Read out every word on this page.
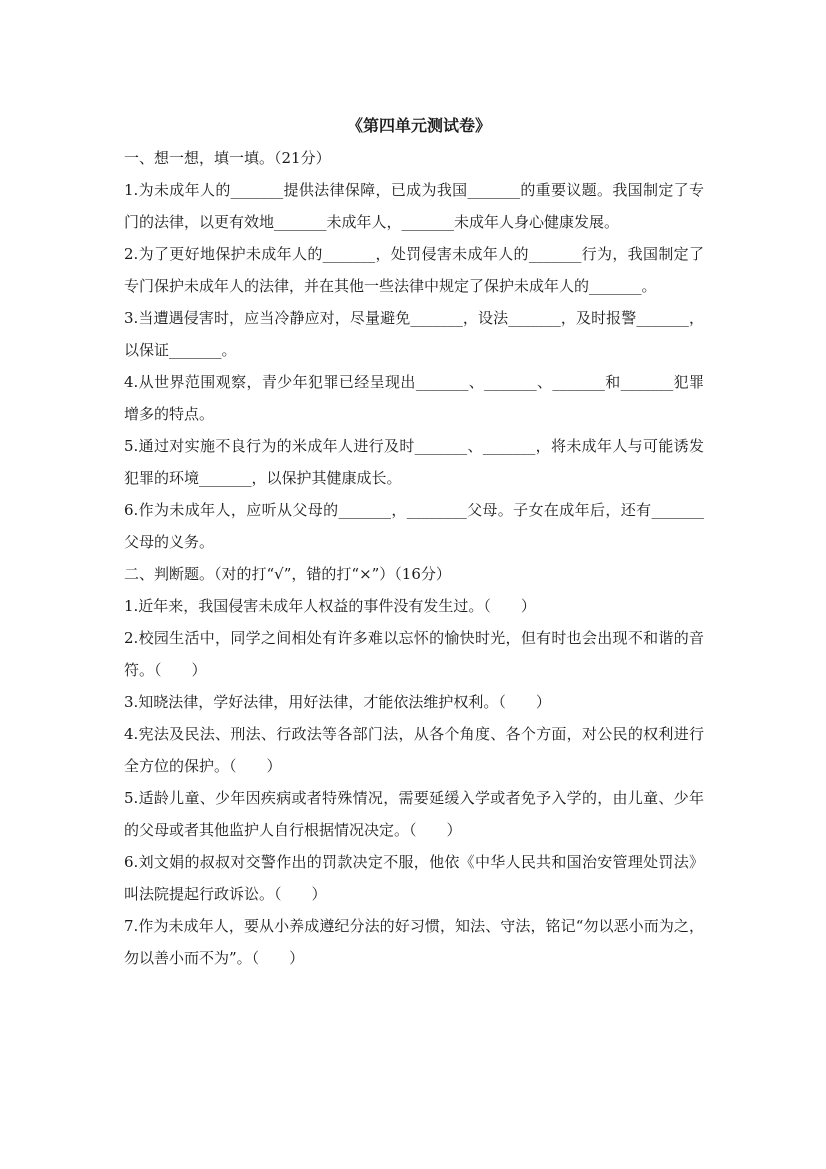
《第四单元测试卷》
一、想一想，填一填。（21分）
1.为未成年人的_______提供法律保障，已成为我国_______的重要议题。我国制定了专门的法律，以更有效地_______未成年人，_______未成年人身心健康发展。
2.为了更好地保护未成年人的_______，处罚侵害未成年人的_______行为，我国制定了专门保护未成年人的法律，并在其他一些法律中规定了保护未成年人的_______。
3.当遭遇侵害时，应当冷静应对，尽量避免_______，设法_______，及时报警_______，以保证_______。
4.从世界范围观察，青少年犯罪已经呈现出_______、_______、_______和_______犯罪增多的特点。
5.通过对实施不良行为的米成年人进行及时_______、_______，将未成年人与可能诱发犯罪的环境_______，以保护其健康成长。
6.作为未成年人，应听从父母的_______，________父母。子女在成年后，还有_______父母的义务。
二、判断题。（对的打“√”，错的打“×”）（16分）
1.近年来，我国侵害未成年人权益的事件没有发生过。（　　）
2.校园生活中，同学之间相处有许多难以忘怀的愉快时光，但有时也会出现不和谐的音符。（　　）
3.知晓法律，学好法律，用好法律，才能依法维护权利。（　　）
4.宪法及民法、刑法、行政法等各部门法，从各个角度、各个方面，对公民的权利进行全方位的保护。（　　）
5.适龄儿童、少年因疾病或者特殊情况，需要延缓入学或者免予入学的，由儿童、少年的父母或者其他监护人自行根据情况决定。（　　）
6.刘文娟的叔叔对交警作出的罚款决定不服，他依《中华人民共和国治安管理处罚法》叫法院提起行政诉讼。（　　）
7.作为未成年人，要从小养成遵纪分法的好习惯，知法、守法，铭记“勿以恶小而为之，勿以善小而不为”。（　　）
